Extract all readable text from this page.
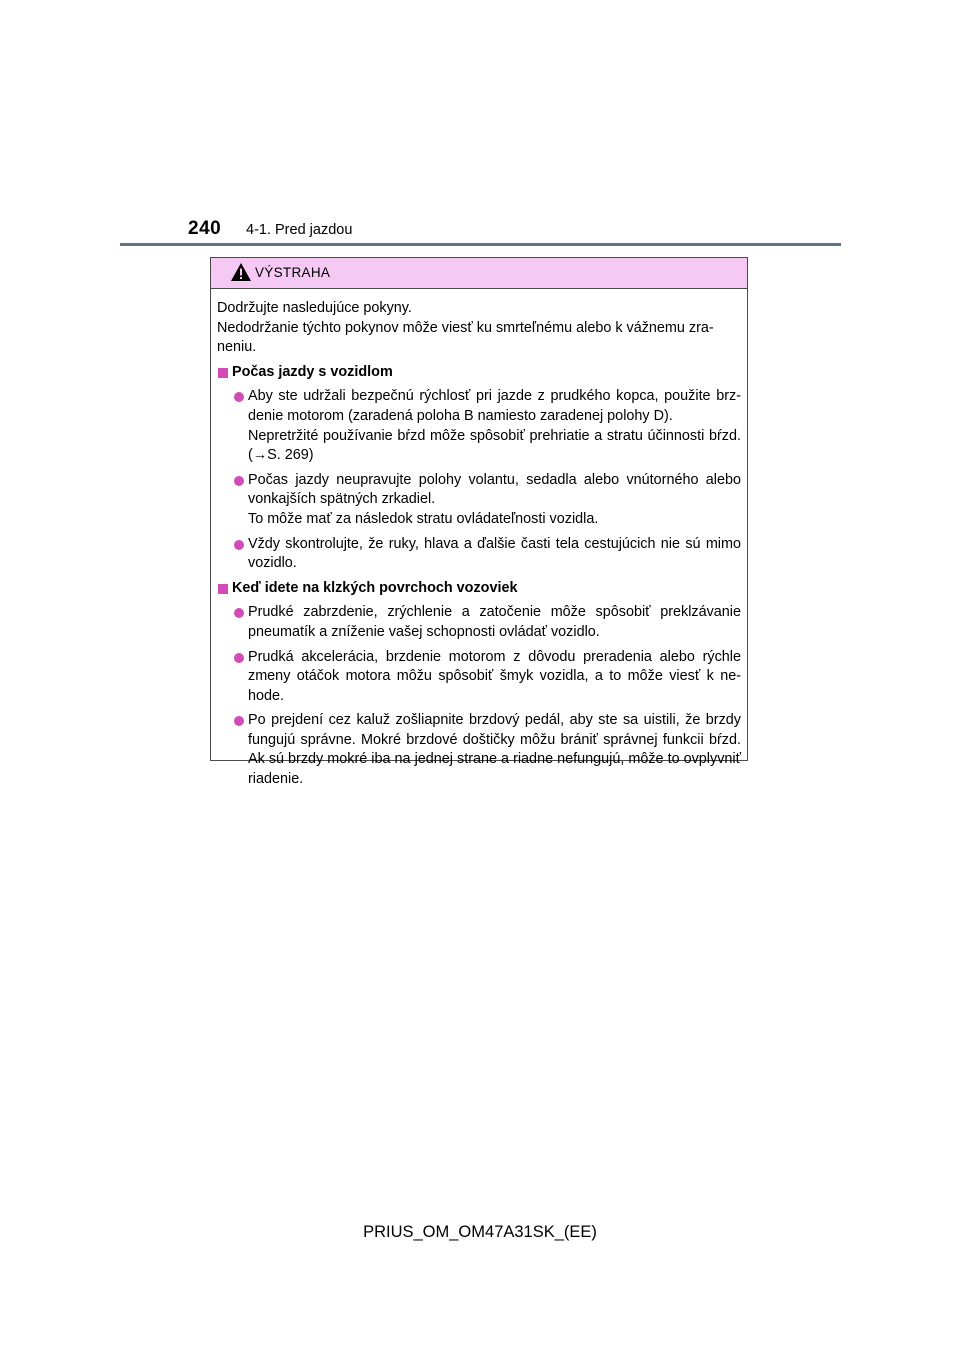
240 4-1. Pred jazdou
VÝSTRAHA

Dodržujte nasledujúce pokyny.

Nedodržanie týchto pokynov môže viesť ku smrteľnému alebo k vážnemu zra-neniu.

Počas jazdy s vozidlom

Aby ste udržali bezpečnú rýchlosť pri jazde z prudkého kopca, použite brz-denie motorom (zaradená poloha B namiesto zaradenej polohy D).

Nepretržité používanie bŕzd môže spôsobiť prehriatie a stratu účinnosti bŕzd. (→S. 269)

Počas jazdy neupravujte polohy volantu, sedadla alebo vnútorného alebo vonkajších spätných zrkadiel.

To môže mať za následok stratu ovládateľnosti vozidla.

Vždy skontrolujte, že ruky, hlava a ďalšie časti tela cestujúcich nie sú mimo vozidlo.

Keď idete na klzkých povrchoch vozoviek

Prudké zabrzdenie, zrýchlenie a zatočenie môže spôsobiť preklzávanie pneumatík a zníženie vašej schopnosti ovládať vozidlo.

Prudká akcelerácia, brzdenie motorom z dôvodu preradenia alebo rýchle zmeny otáčok motora môžu spôsobiť šmyk vozidla, a to môže viesť k ne-hode.

Po prejdení cez kaluž zošliapnite brzdový pedál, aby ste sa uistili, že brzdy fungujú správne. Mokré brzdové doštičky môžu brániť správnej funkcii bŕzd. Ak sú brzdy mokré iba na jednej strane a riadne nefungujú, môže to ovplyvniť riadenie.

PRIUS_OM_OM47A31SK_(EE)
